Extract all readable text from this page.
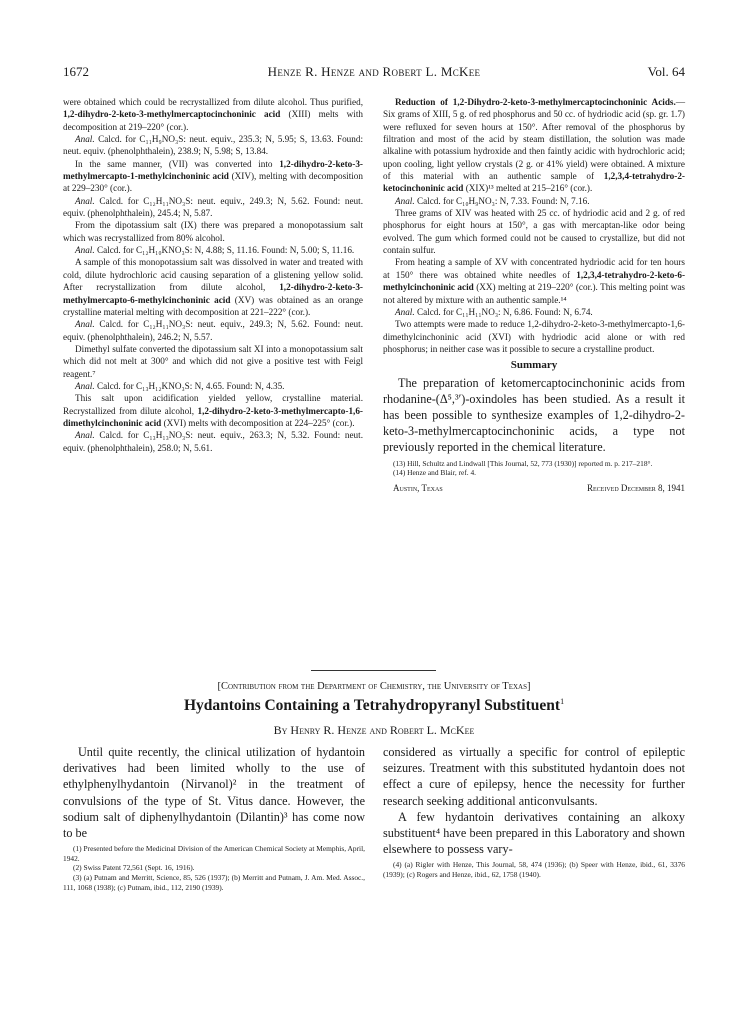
1672	Henze R. Henze and Robert L. McKee	Vol. 64

were obtained which could be recrystallized from dilute alcohol. Thus purified, 1,2-dihydro-2-keto-3-methylmercaptocinchoninic acid (XIII) melts with decomposition at 219–220° (cor.).

Anal. Calcd. for C₁₁H₉NO₃S: neut. equiv., 235.3; N, 5.95; S, 13.63. Found: neut. equiv. (phenolphthalein), 238.9; N, 5.98; S, 13.84.

In the same manner, (VII) was converted into 1,2-dihydro-2-keto-3-methylmercapto-1-methylcinchoninic acid (XIV), melting with decomposition at 229–230° (cor.).

Anal. Calcd. for C₁₂H₁₁NO₃S: neut. equiv., 249.3; N, 5.62. Found: neut. equiv. (phenolphthalein), 245.4; N, 5.87.

From the dipotassium salt (IX) there was prepared a monopotassium salt which was recrystallized from 80% alcohol.

Anal. Calcd. for C₁₂H₁₀KNO₃S: N, 4.88; S, 11.16. Found: N, 5.00; S, 11.16.

A sample of this monopotassium salt was dissolved in water and treated with cold, dilute hydrochloric acid causing separation of a glistening yellow solid. After recrystallization from dilute alcohol, 1,2-dihydro-2-keto-3-methylmercapto-6-methylcinchoninic acid (XV) was obtained as an orange crystalline material melting with decomposition at 221–222° (cor.).

Anal. Calcd. for C₁₂H₁₁NO₃S: neut. equiv., 249.3; N, 5.62. Found: neut. equiv. (phenolphthalein), 246.2; N, 5.57.

Dimethyl sulfate converted the dipotassium salt XI into a monopotassium salt which did not melt at 300° and which did not give a positive test with Feigl reagent.⁷

Anal. Calcd. for C₁₃H₁₂KNO₃S: N, 4.65. Found: N, 4.35.

This salt upon acidification yielded yellow, crystalline material. Recrystallized from dilute alcohol, 1,2-dihydro-2-keto-3-methylmercapto-1,6-dimethylcinchoninic acid (XVI) melts with decomposition at 224–225° (cor.).

Anal. Calcd. for C₁₃H₁₃NO₃S: neut. equiv., 263.3; N, 5.32. Found: neut. equiv. (phenolphthalein), 258.0; N, 5.61.

Reduction of 1,2-Dihydro-2-keto-3-methylmercaptocinchoninic Acids.—Six grams of XIII, 5 g. of red phosphorus and 50 cc. of hydriodic acid (sp. gr. 1.7) were refluxed for seven hours at 150°. After removal of the phosphorus by filtration and most of the acid by steam distillation, the solution was made alkaline with potassium hydroxide and then faintly acidic with hydrochloric acid; upon cooling, light yellow crystals (2 g. or 41% yield) were obtained. A mixture of this material with an authentic sample of 1,2,3,4-tetrahydro-2-ketocinchoninic acid (XIX)¹³ melted at 215–216° (cor.).

Anal. Calcd. for C₁₀H₉NO₃: N, 7.33. Found: N, 7.16.

Three grams of XIV was heated with 25 cc. of hydriodic acid and 2 g. of red phosphorus for eight hours at 150°, a gas with mercaptan-like odor being evolved. The gum which formed could not be caused to crystallize, but did not contain sulfur.

From heating a sample of XV with concentrated hydriodic acid for ten hours at 150° there was obtained white needles of 1,2,3,4-tetrahydro-2-keto-6-methylcinchoninic acid (XX) melting at 219–220° (cor.). This melting point was not altered by mixture with an authentic sample.¹⁴

Anal. Calcd. for C₁₁H₁₁NO₃: N, 6.86. Found: N, 6.74.

Two attempts were made to reduce 1,2-dihydro-2-keto-3-methylmercapto-1,6-dimethylcinchoninic acid (XVI) with hydriodic acid alone or with red phosphorus; in neither case was it possible to secure a crystalline product.

Summary

The preparation of ketomercaptocinchoninic acids from rhodanine-(Δ⁵,³′)-oxindoles has been studied. As a result it has been possible to synthesize examples of 1,2-dihydro-2-keto-3-methylmercaptocinchoninic acids, a type not previously reported in the chemical literature.

(13) Hill, Schultz and Lindwall [This Journal, 52, 773 (1930)] reported m. p. 217–218°.

(14) Henze and Blair, ref. 4.

Austin, Texas	Received December 8, 1941
[Contribution from the Department of Chemistry, the University of Texas]
Hydantoins Containing a Tetrahydropyranyl Substituent$^1$
By Henry R. Henze and Robert L. McKee

Until quite recently, the clinical utilization of hydantoin derivatives had been limited wholly to the use of ethylphenylhydantoin (Nirvanol)² in the treatment of convulsions of the type of St. Vitus dance. However, the sodium salt of diphenylhydantoin (Dilantin)³ has come now to be

(1) Presented before the Medicinal Division of the American Chemical Society at Memphis, April, 1942.

(2) Swiss Patent 72,561 (Sept. 16, 1916).

(3) (a) Putnam and Merritt, Science, 85, 526 (1937); (b) Merritt and Putnam, J. Am. Med. Assoc., 111, 1068 (1938); (c) Putnam, ibid., 112, 2190 (1939).

considered as virtually a specific for control of epileptic seizures. Treatment with this substituted hydantoin does not effect a cure of epilepsy, hence the necessity for further research seeking additional anticonvulsants.

A few hydantoin derivatives containing an alkoxy substituent⁴ have been prepared in this Laboratory and shown elsewhere to possess vary-

(4) (a) Rigler with Henze, This Journal, 58, 474 (1936); (b) Speer with Henze, ibid., 61, 3376 (1939); (c) Rogers and Henze, ibid., 62, 1758 (1940).
